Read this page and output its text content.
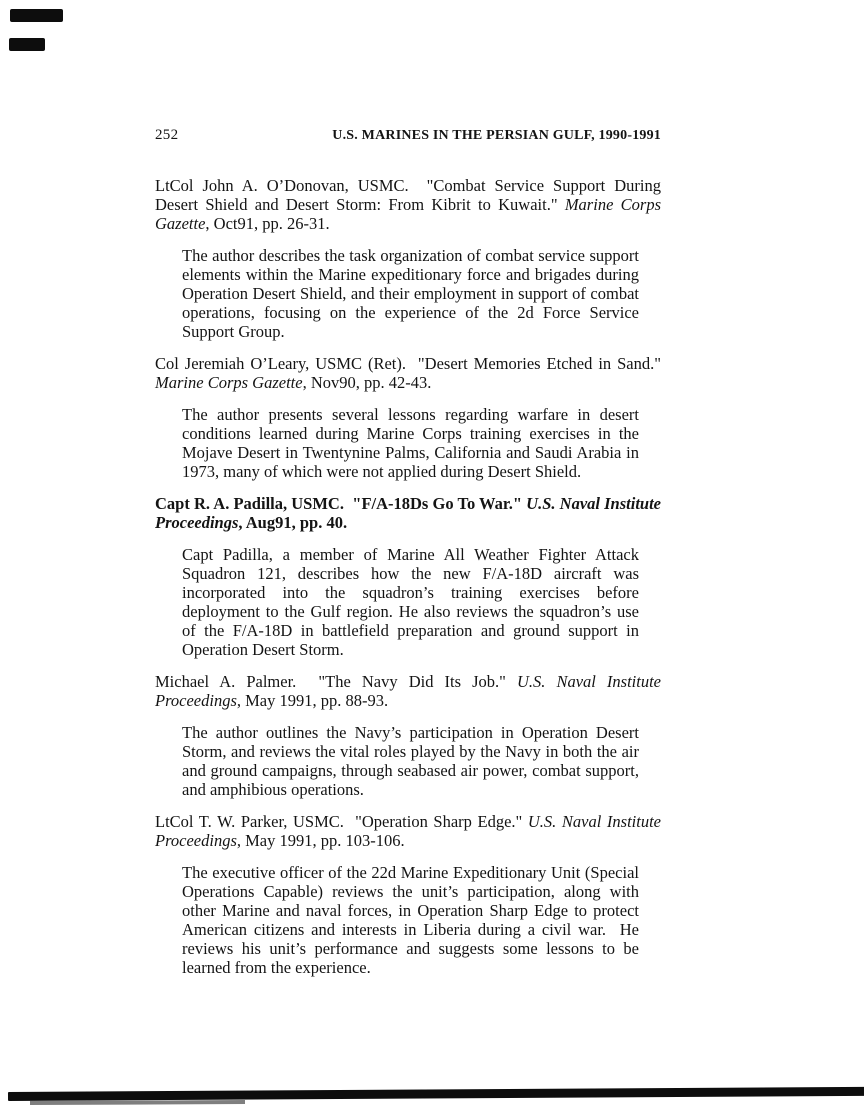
252	U.S. MARINES IN THE PERSIAN GULF, 1990-1991

LtCol John A. O’Donovan, USMC.  "Combat Service Support During Desert Shield and Desert Storm: From Kibrit to Kuwait." Marine Corps Gazette, Oct91, pp. 26-31.

The author describes the task organization of combat service support elements within the Marine expeditionary force and brigades during Operation Desert Shield, and their employment in support of combat operations, focusing on the experience of the 2d Force Service Support Group.

Col Jeremiah O’Leary, USMC (Ret).  "Desert Memories Etched in Sand." Marine Corps Gazette, Nov90, pp. 42-43.

The author presents several lessons regarding warfare in desert conditions learned during Marine Corps training exercises in the Mojave Desert in Twentynine Palms, California and Saudi Arabia in 1973, many of which were not applied during Desert Shield.

Capt R. A. Padilla, USMC.  "F/A-18Ds Go To War." U.S. Naval Institute Proceedings, Aug91, pp. 40.

Capt Padilla, a member of Marine All Weather Fighter Attack Squadron 121, describes how the new F/A-18D aircraft was incorporated into the squadron’s training exercises before deployment to the Gulf region. He also reviews the squadron’s use of the F/A-18D in battlefield preparation and ground support in Operation Desert Storm.

Michael A. Palmer.  "The Navy Did Its Job." U.S. Naval Institute Proceedings, May 1991, pp. 88-93.

The author outlines the Navy’s participation in Operation Desert Storm, and reviews the vital roles played by the Navy in both the air and ground campaigns, through seabased air power, combat support, and amphibious operations.

LtCol T. W. Parker, USMC.  "Operation Sharp Edge." U.S. Naval Institute Proceedings, May 1991, pp. 103-106.

The executive officer of the 22d Marine Expeditionary Unit (Special Operations Capable) reviews the unit’s participation, along with other Marine and naval forces, in Operation Sharp Edge to protect American citizens and interests in Liberia during a civil war.  He reviews his unit’s performance and suggests some lessons to be learned from the experience.
